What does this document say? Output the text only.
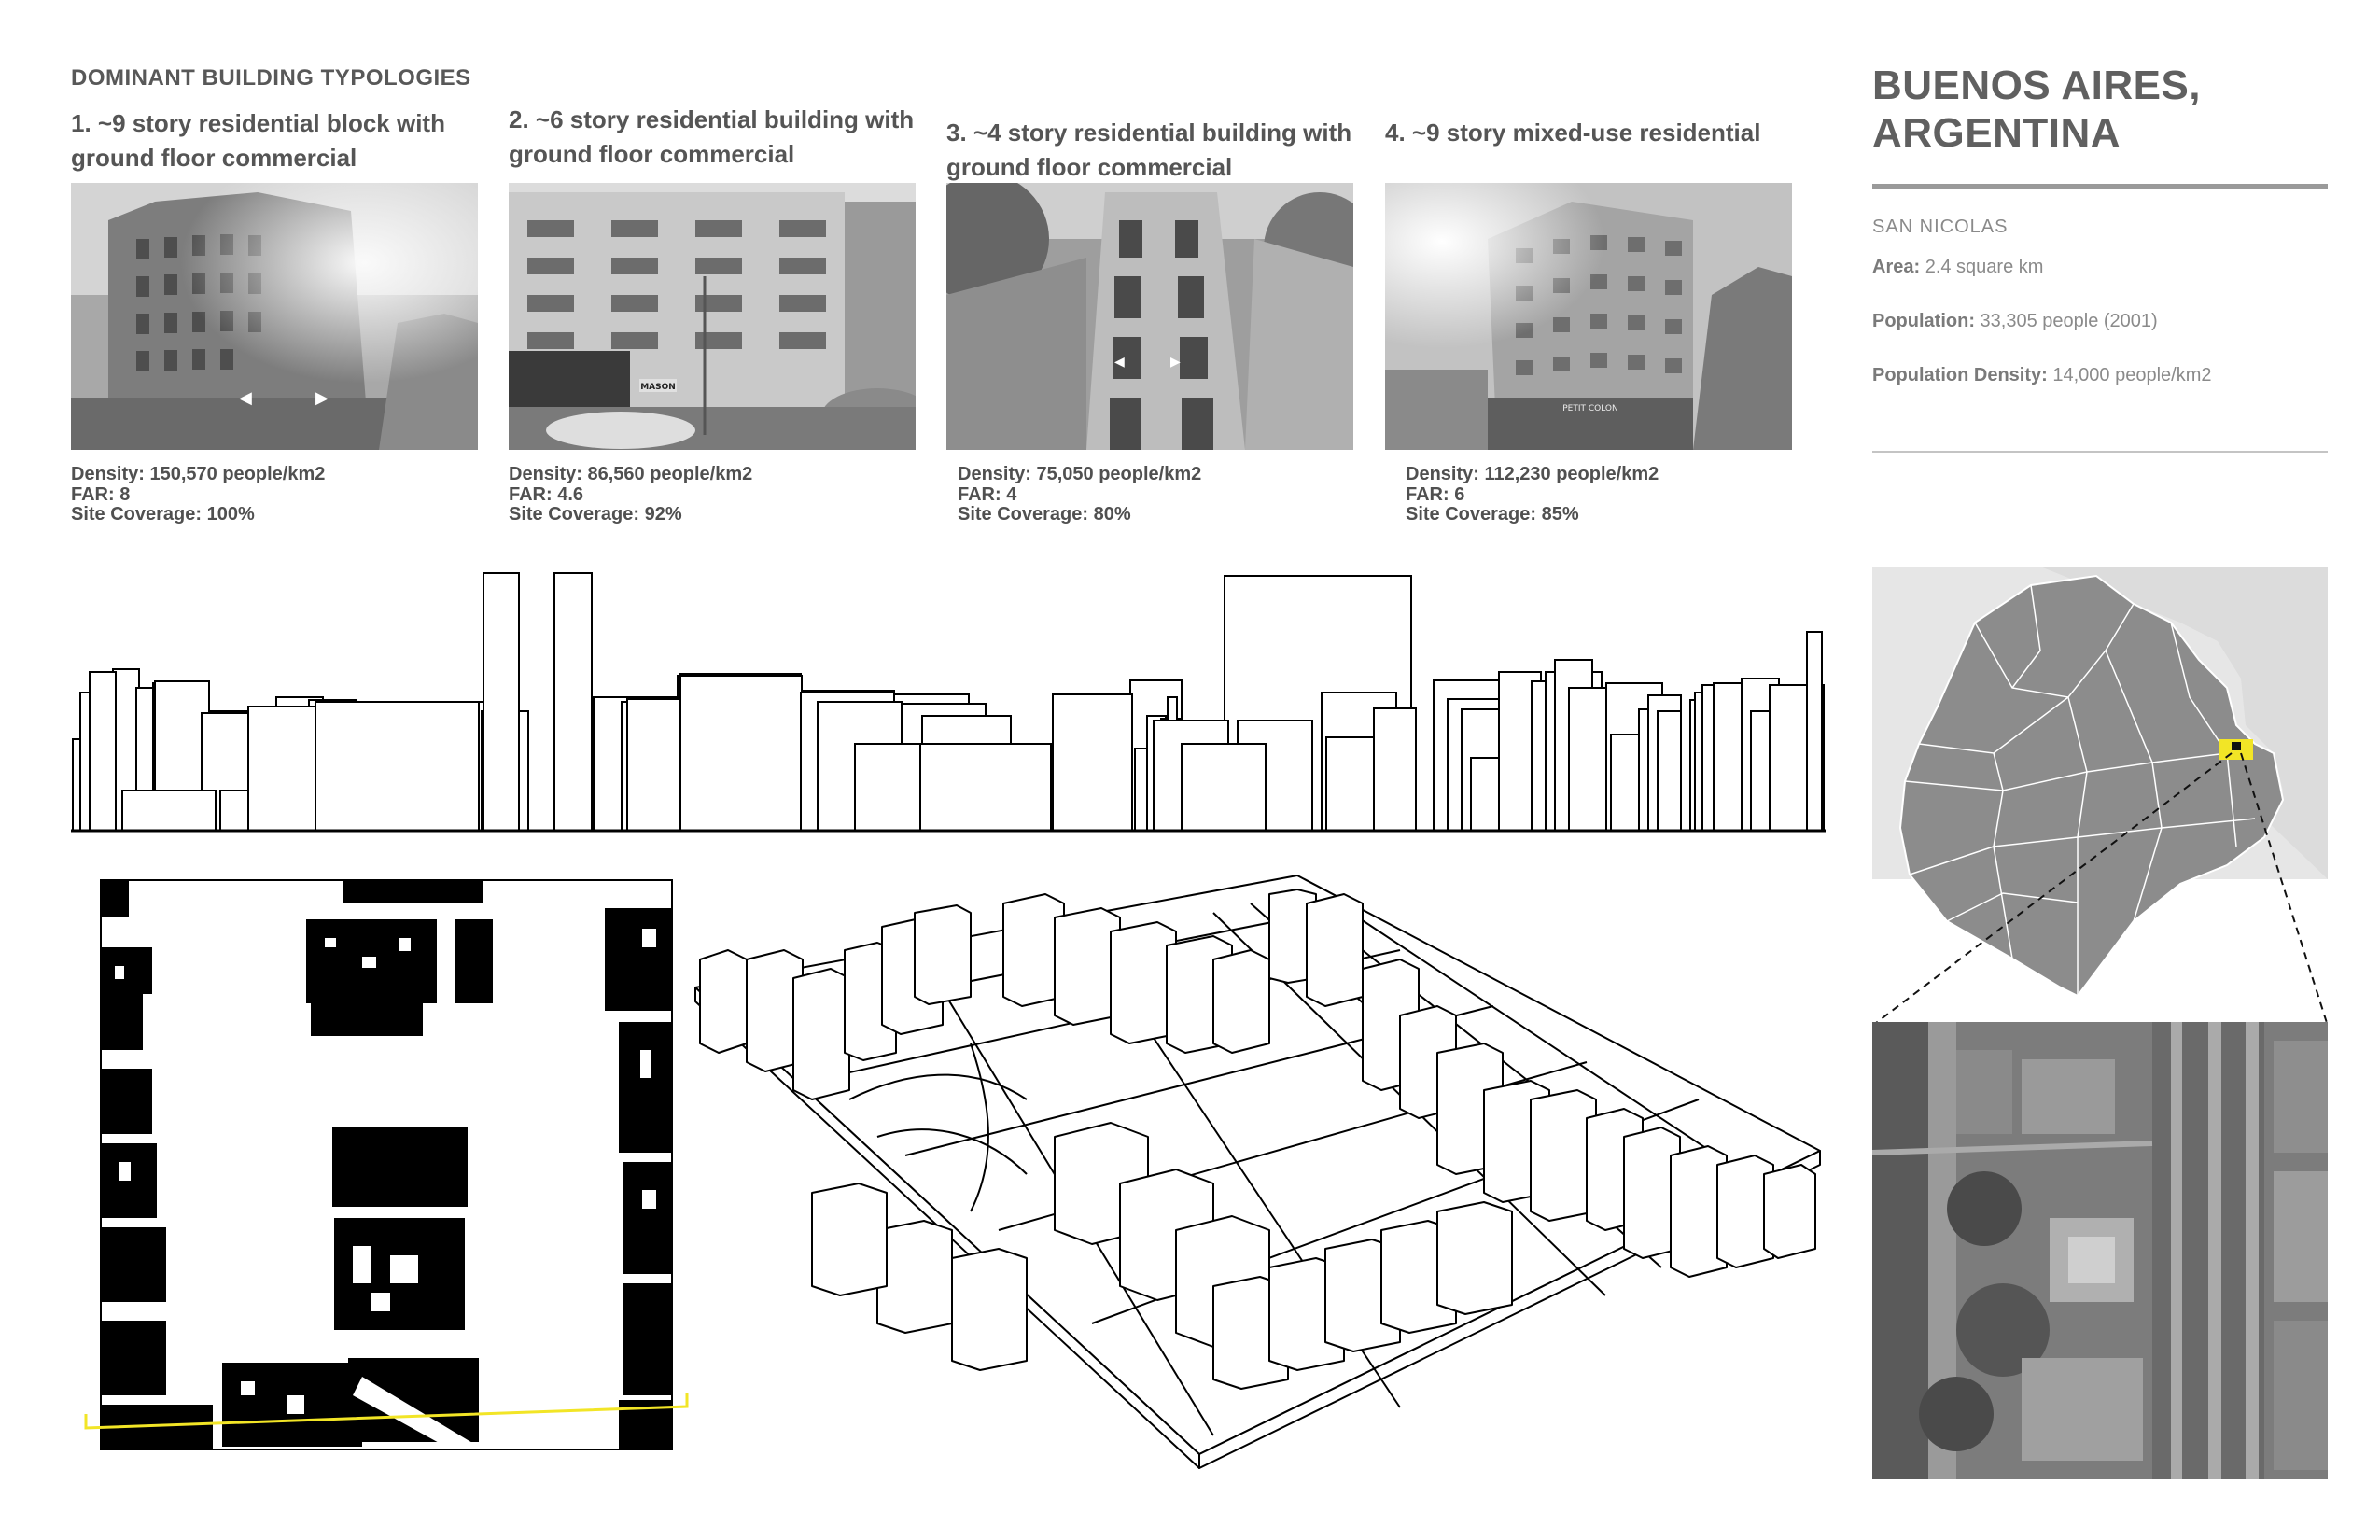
DOMINANT BUILDING TYPOLOGIES
1. ~9 story residential block with ground floor commercial
2. ~6 story residential building with ground floor commercial
3. ~4 story residential building with ground floor commercial
4. ~9 story mixed-use residential
◀	▶
MASON
◀	▶
Density: 150,570 people/km2
FAR: 8
Site Coverage: 100%
Density: 86,560 people/km2
FAR: 4.6
Site Coverage: 92%
Density: 75,050 people/km2
FAR: 4
Site Coverage: 80%
Density: 112,230 people/km2
FAR: 6
Site Coverage: 85%
BUENOS AIRES,
ARGENTINA
SAN NICOLAS
Area: 2.4 square km
Population: 33,305 people (2001)
Population Density: 14,000 people/km2
